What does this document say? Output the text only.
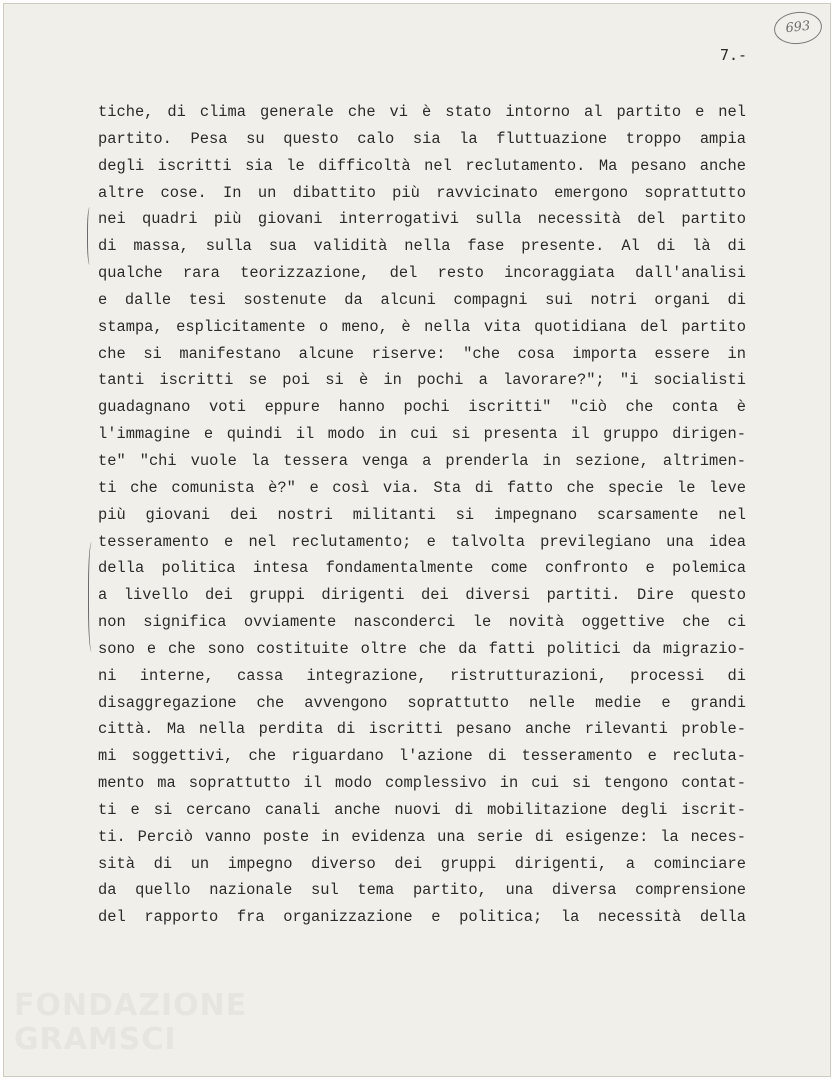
693
7.-
tiche, di clima generale che vi è stato intorno al partito e nel
partito. Pesa su questo calo sia la fluttuazione troppo ampia
degli iscritti sia le difficoltà nel reclutamento. Ma pesano anche
altre cose. In un dibattito più ravvicinato emergono soprattutto
nei quadri più giovani interrogativi sulla necessità del partito
di massa, sulla sua validità nella fase presente. Al di là di
qualche rara teorizzazione, del resto incoraggiata dall'analisi
e dalle tesi sostenute da alcuni compagni sui notri organi di
stampa, esplicitamente o meno, è nella vita quotidiana del partito
che si manifestano alcune riserve: "che cosa importa essere in
tanti iscritti se poi si è in pochi a lavorare?"; "i socialisti
guadagnano voti eppure hanno pochi iscritti" "ciò che conta è
l'immagine e quindi il modo in cui si presenta il gruppo dirigen-
te" "chi vuole la tessera venga a prenderla in sezione, altrimen-
ti che comunista è?" e così via. Sta di fatto che specie le leve
più giovani dei nostri militanti si impegnano scarsamente nel
tesseramento e nel reclutamento; e talvolta previlegiano una idea
della politica intesa fondamentalmente come confronto e polemica
a livello dei gruppi dirigenti dei diversi partiti. Dire questo
non significa ovviamente nasconderci le novità oggettive che ci
sono e che sono costituite oltre che da fatti politici da migrazio-
ni interne, cassa integrazione, ristrutturazioni, processi di
disaggregazione che avvengono soprattutto nelle medie e grandi
città. Ma nella perdita di iscritti pesano anche rilevanti proble-
mi soggettivi, che riguardano l'azione di tesseramento e recluta-
mento ma soprattutto il modo complessivo in cui si tengono contat-
ti e si cercano canali anche nuovi di mobilitazione degli iscrit-
ti. Perciò vanno poste in evidenza una serie di esigenze: la neces-
sità di un impegno diverso dei gruppi dirigenti, a cominciare
da quello nazionale sul tema partito, una diversa comprensione
del rapporto fra organizzazione e politica; la necessità della
FONDAZIONE
GRAMSCI
